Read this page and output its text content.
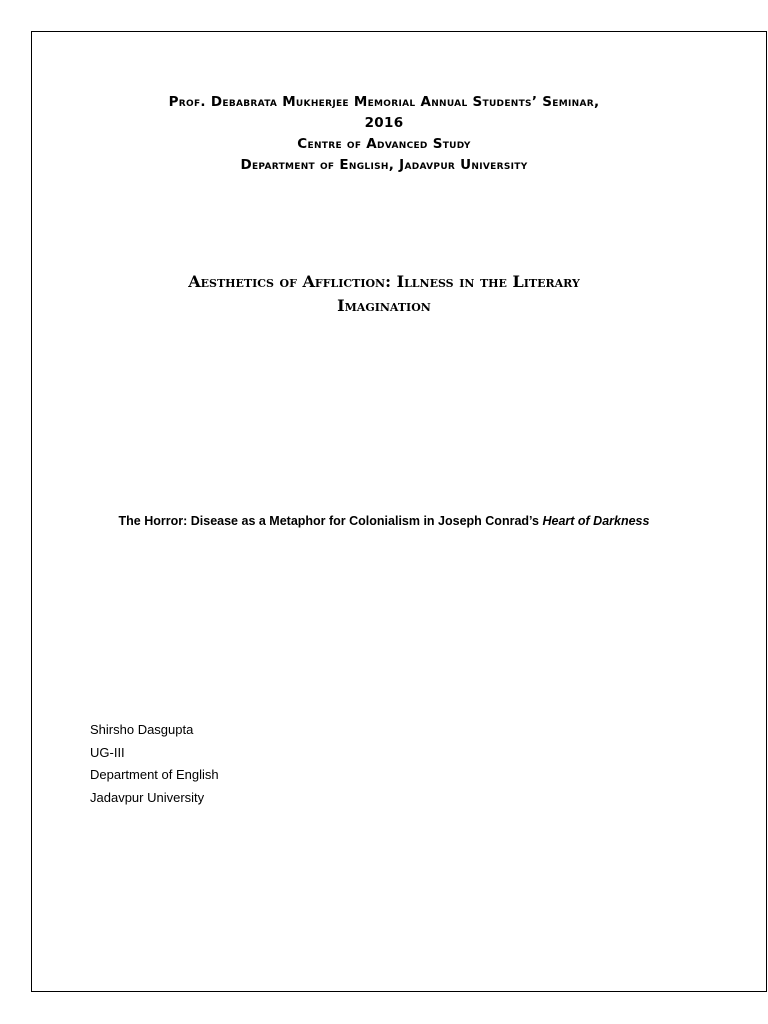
Prof. Debabrata Mukherjee Memorial Annual Students’ Seminar,
2016
Centre of Advanced Study
Department of English, Jadavpur University
Aesthetics of Affliction: Illness in the Literary
Imagination
The Horror: Disease as a Metaphor for Colonialism in Joseph Conrad’s Heart of Darkness
Shirsho Dasgupta
UG-III
Department of English
Jadavpur University
